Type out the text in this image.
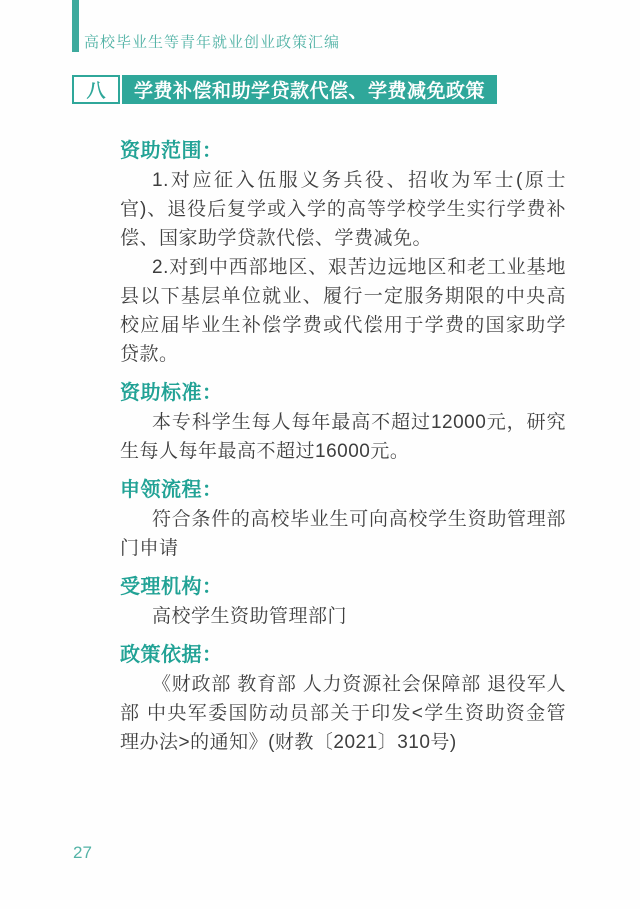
高校毕业生等青年就业创业政策汇编
八	学费补偿和助学贷款代偿、学费减免政策
资助范围：

1.对应征入伍服义务兵役、招收为军士(原士官)、退役后复学或入学的高等学校学生实行学费补偿、国家助学贷款代偿、学费减免。

2.对到中西部地区、艰苦边远地区和老工业基地县以下基层单位就业、履行一定服务期限的中央高校应届毕业生补偿学费或代偿用于学费的国家助学贷款。

资助标准：

本专科学生每人每年最高不超过12000元，研究生每人每年最高不超过16000元。

申领流程：

符合条件的高校毕业生可向高校学生资助管理部门申请

受理机构：

高校学生资助管理部门

政策依据：

《财政部 教育部 人力资源社会保障部 退役军人部 中央军委国防动员部关于印发<学生资助资金管理办法>的通知》(财教〔2021〕310号)

27
